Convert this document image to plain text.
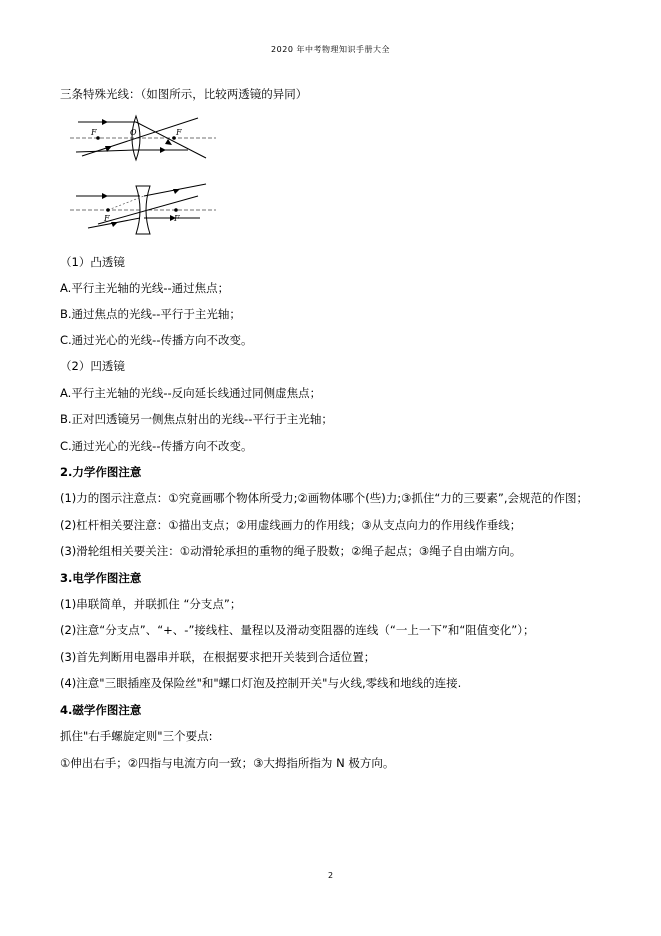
2020 年中考物理知识手册大全
三条特殊光线：（如图所示，比较两透镜的异同）
F	O	F
F	F
（1）凸透镜
A.平行主光轴的光线--通过焦点；
B.通过焦点的光线--平行于主光轴；
C.通过光心的光线--传播方向不改变。
（2）凹透镜
A.平行主光轴的光线--反向延长线通过同侧虚焦点；
B.正对凹透镜另一侧焦点射出的光线--平行于主光轴；
C.通过光心的光线--传播方向不改变。
2.力学作图注意
(1)力的图示注意点：①究竟画哪个物体所受力;②画物体哪个(些)力;③抓住“力的三要素”,会规范的作图；
(2)杠杆相关要注意：①描出支点；②用虚线画力的作用线；③从支点向力的作用线作垂线；
(3)滑轮组相关要关注：①动滑轮承担的重物的绳子股数；②绳子起点；③绳子自由端方向。
3.电学作图注意
(1)串联简单，并联抓住 “分支点”；
(2)注意“分支点”、“+、-”接线柱、量程以及滑动变阻器的连线（“一上一下”和“阻值变化”）；
(3)首先判断用电器串并联，在根据要求把开关装到合适位置；
(4)注意"三眼插座及保险丝"和"螺口灯泡及控制开关"与火线,零线和地线的连接.
4.磁学作图注意
抓住"右手螺旋定则"三个要点:
①伸出右手；②四指与电流方向一致；③大拇指所指为 N 极方向。
2
